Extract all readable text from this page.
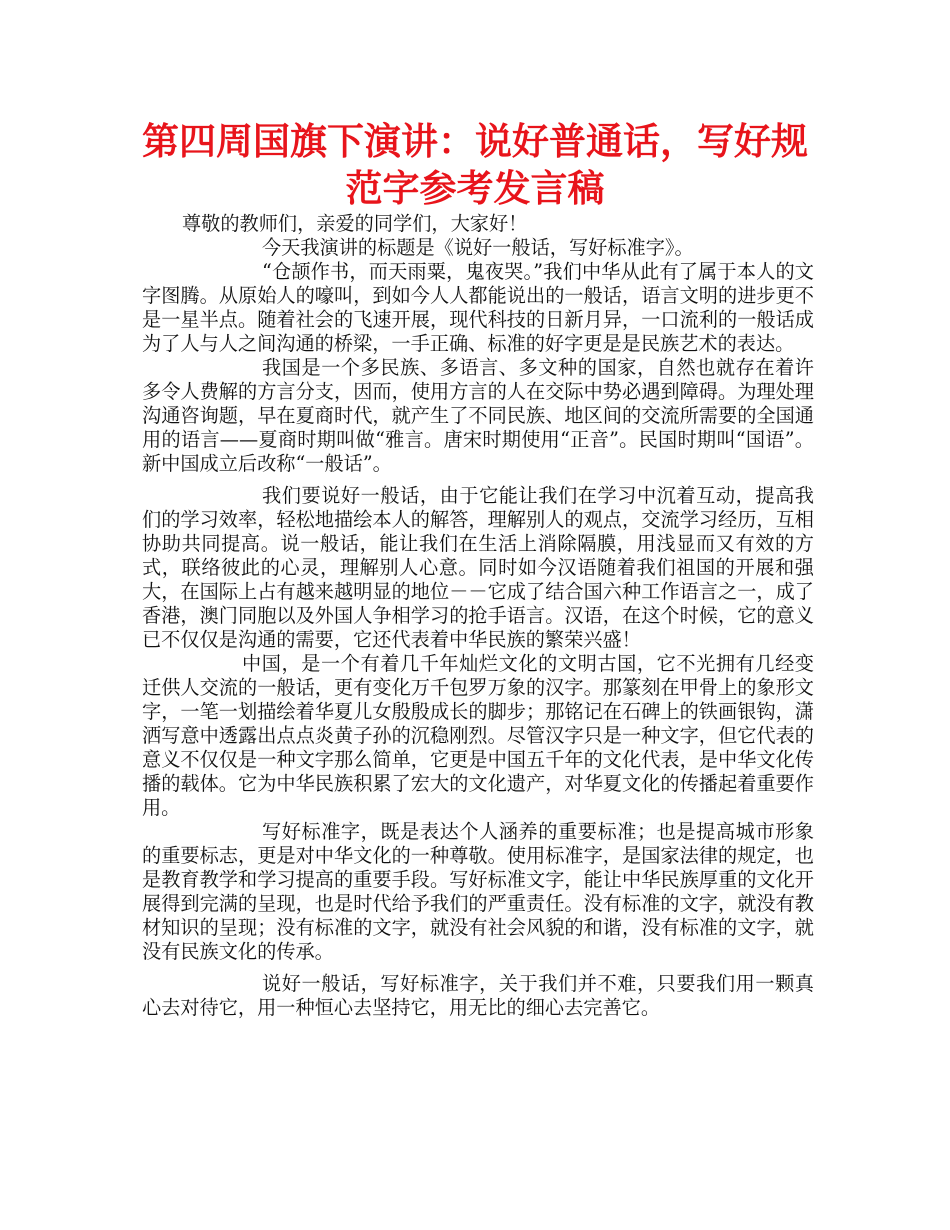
第四周国旗下演讲：说好普通话，写好规
范字参考发言稿

尊敬的教师们，亲爱的同学们，大家好！

今天我演讲的标题是《说好一般话，写好标准字》。

“仓颉作书，而天雨粟，鬼夜哭。”我们中华从此有了属于本人的文字图腾。从原始人的嚎叫，到如今人人都能说出的一般话，语言文明的进步更不是一星半点。随着社会的飞速开展，现代科技的日新月异，一口流利的一般话成为了人与人之间沟通的桥梁，一手正确、标准的好字更是是民族艺术的表达。

我国是一个多民族、多语言、多文种的国家，自然也就存在着许多令人费解的方言分支，因而，使用方言的人在交际中势必遇到障碍。为理处理沟通咨询题，早在夏商时代，就产生了不同民族、地区间的交流所需要的全国通用的语言——夏商时期叫做“雅言。唐宋时期使用“正音”。民国时期叫“国语”。新中国成立后改称“一般话”。

我们要说好一般话，由于它能让我们在学习中沉着互动，提高我们的学习效率，轻松地描绘本人的解答，理解别人的观点，交流学习经历，互相协助共同提高。说一般话，能让我们在生活上消除隔膜，用浅显而又有效的方式，联络彼此的心灵，理解别人心意。同时如今汉语随着我们祖国的开展和强大，在国际上占有越来越明显的地位－－它成了结合国六种工作语言之一，成了香港，澳门同胞以及外国人争相学习的抢手语言。汉语，在这个时候，它的意义已不仅仅是沟通的需要，它还代表着中华民族的繁荣兴盛！

中国，是一个有着几千年灿烂文化的文明古国，它不光拥有几经变迁供人交流的一般话，更有变化万千包罗万象的汉字。那篆刻在甲骨上的象形文字，一笔一划描绘着华夏儿女殷殷成长的脚步；那铭记在石碑上的铁画银钩，潇洒写意中透露出点点炎黄子孙的沉稳刚烈。尽管汉字只是一种文字，但它代表的意义不仅仅是一种文字那么简单，它更是中国五千年的文化代表，是中华文化传播的载体。它为中华民族积累了宏大的文化遗产，对华夏文化的传播起着重要作用。

写好标准字，既是表达个人涵养的重要标准；也是提高城市形象的重要标志，更是对中华文化的一种尊敬。使用标准字，是国家法律的规定，也是教育教学和学习提高的重要手段。写好标准文字，能让中华民族厚重的文化开展得到完满的呈现，也是时代给予我们的严重责任。没有标准的文字，就没有教材知识的呈现；没有标准的文字，就没有社会风貌的和谐，没有标准的文字，就没有民族文化的传承。

说好一般话，写好标准字，关于我们并不难，只要我们用一颗真心去对待它，用一种恒心去坚持它，用无比的细心去完善它。
